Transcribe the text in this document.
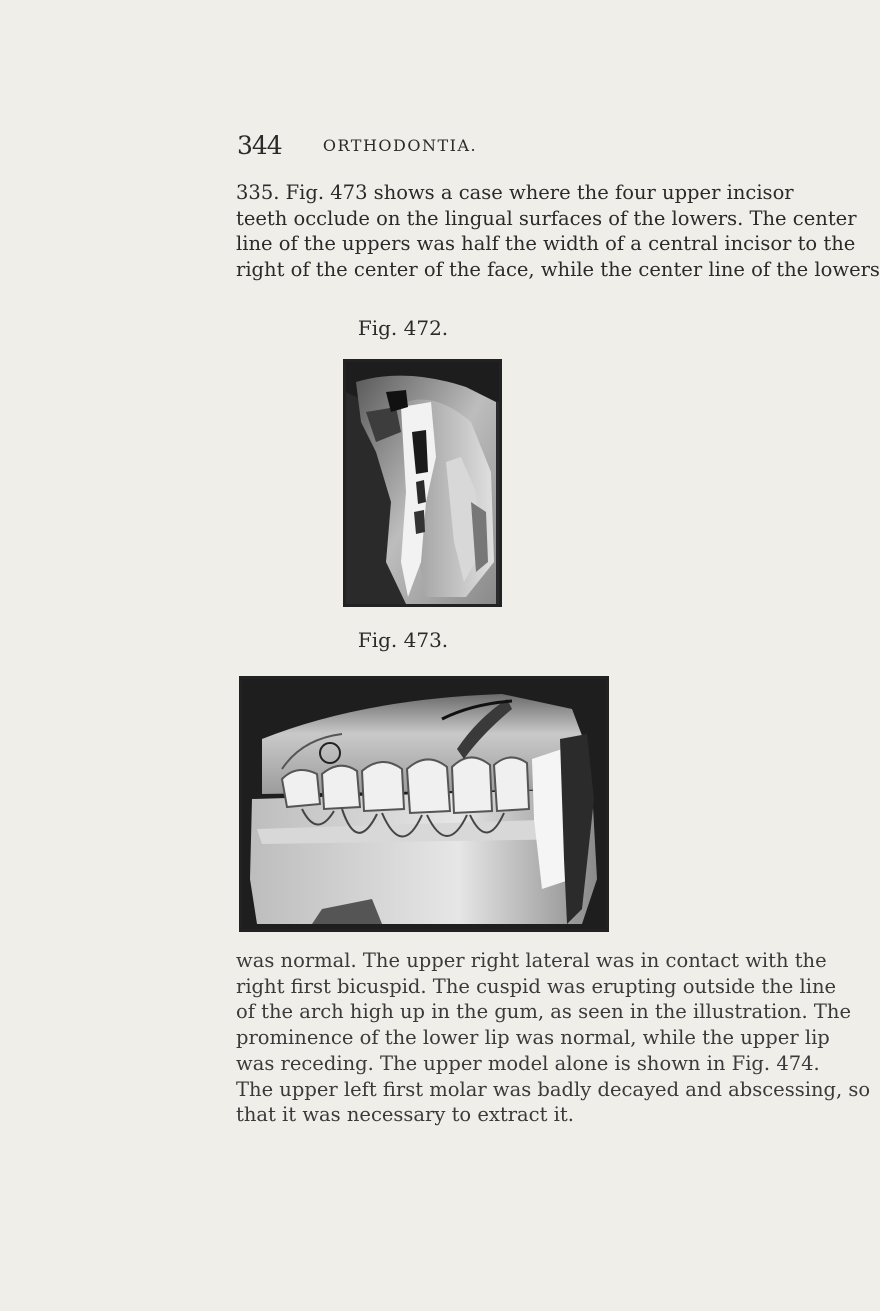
344	ORTHODONTIA.
335. Fig. 473 shows a case where the four upper incisor
teeth occlude on the lingual surfaces of the lowers. The center
line of the uppers was half the width of a central incisor to the
right of the center of the face, while the center line of the lowers
Fig. 472.
Fig. 473.
was normal. The upper right lateral was in contact with the
right first bicuspid. The cuspid was erupting outside the line
of the arch high up in the gum, as seen in the illustration. The
prominence of the lower lip was normal, while the upper lip
was receding. The upper model alone is shown in Fig. 474.
The upper left first molar was badly decayed and abscessing, so
that it was necessary to extract it.
